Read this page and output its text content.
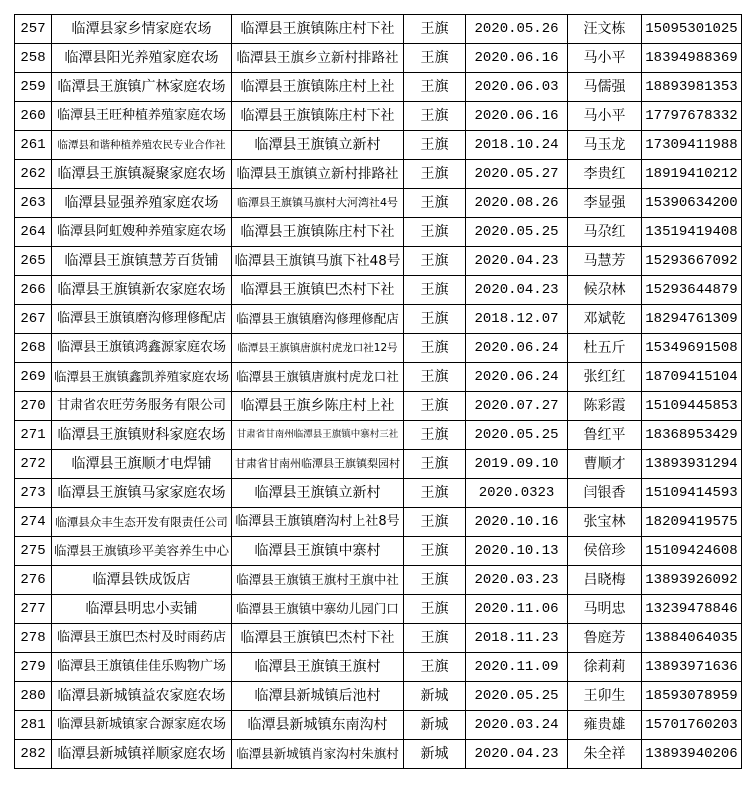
257	临潭县家乡情家庭农场	临潭县王旗镇陈庄村下社	王旗	2020.05.26	汪文栋	15095301025
258	临潭县阳光养殖家庭农场	临潭县王旗乡立新村排路社	王旗	2020.06.16	马小平	18394988369
259	临潭县王旗镇广林家庭农场	临潭县王旗镇陈庄村上社	王旗	2020.06.03	马儒强	18893981353
260	临潭县王旺种植养殖家庭农场	临潭县王旗镇陈庄村下社	王旗	2020.06.16	马小平	17797678332
261	临潭县和谐种植养殖农民专业合作社	临潭县王旗镇立新村	王旗	2018.10.24	马玉龙	17309411988
262	临潭县王旗镇凝聚家庭农场	临潭县王旗镇立新村排路社	王旗	2020.05.27	李贵红	18919410212
263	临潭县显强养殖家庭农场	临潭县王旗镇马旗村大河湾社4号	王旗	2020.08.26	李显强	15390634200
264	临潭县阿虹嫂种养殖家庭农场	临潭县王旗镇陈庄村下社	王旗	2020.05.25	马尕红	13519419408
265	临潭县王旗镇慧芳百货铺	临潭县王旗镇马旗下社48号	王旗	2020.04.23	马慧芳	15293667092
266	临潭县王旗镇新农家庭农场	临潭县王旗镇巴杰村下社	王旗	2020.04.23	候尕林	15293644879
267	临潭县王旗镇磨沟修理修配店	临潭县王旗镇磨沟修理修配店	王旗	2018.12.07	邓斌乾	18294761309
268	临潭县王旗镇鸿鑫源家庭农场	临潭县王旗镇唐旗村虎龙口社12号	王旗	2020.06.24	杜五斤	15349691508
269	临潭县王旗镇鑫凯养殖家庭农场	临潭县王旗镇唐旗村虎龙口社	王旗	2020.06.24	张红红	18709415104
270	甘肃省农旺劳务服务有限公司	临潭县王旗乡陈庄村上社	王旗	2020.07.27	陈彩霞	15109445853
271	临潭县王旗镇财科家庭农场	甘肃省甘南州临潭县王旗镇中寨村三社	王旗	2020.05.25	鲁红平	18368953429
272	临潭县王旗顺才电焊铺	甘肃省甘南州临潭县王旗镇梨园村	王旗	2019.09.10	曹顺才	13893931294
273	临潭县王旗镇马家家庭农场	临潭县王旗镇立新村	王旗	2020.0323	闫银香	15109414593
274	临潭县众丰生态开发有限责任公司	临潭县王旗镇磨沟村上社8号	王旗	2020.10.16	张宝林	18209419575
275	临潭县王旗镇珍平美容养生中心	临潭县王旗镇中寨村	王旗	2020.10.13	侯倍珍	15109424608
276	临潭县铁成饭店	临潭县王旗镇王旗村王旗中社	王旗	2020.03.23	吕晓梅	13893926092
277	临潭县明忠小卖铺	临潭县王旗镇中寨幼儿园门口	王旗	2020.11.06	马明忠	13239478846
278	临潭县王旗巴杰村及时雨药店	临潭县王旗镇巴杰村下社	王旗	2018.11.23	鲁庭芳	13884064035
279	临潭县王旗镇佳佳乐购物广场	临潭县王旗镇王旗村	王旗	2020.11.09	徐莉莉	13893971636
280	临潭县新城镇益农家庭农场	临潭县新城镇后池村	新城	2020.05.25	王卯生	18593078959
281	临潭县新城镇家合源家庭农场	临潭县新城镇东南沟村	新城	2020.03.24	雍贵雄	15701760203
282	临潭县新城镇祥顺家庭农场	临潭县新城镇肖家沟村朱旗村	新城	2020.04.23	朱全祥	13893940206
